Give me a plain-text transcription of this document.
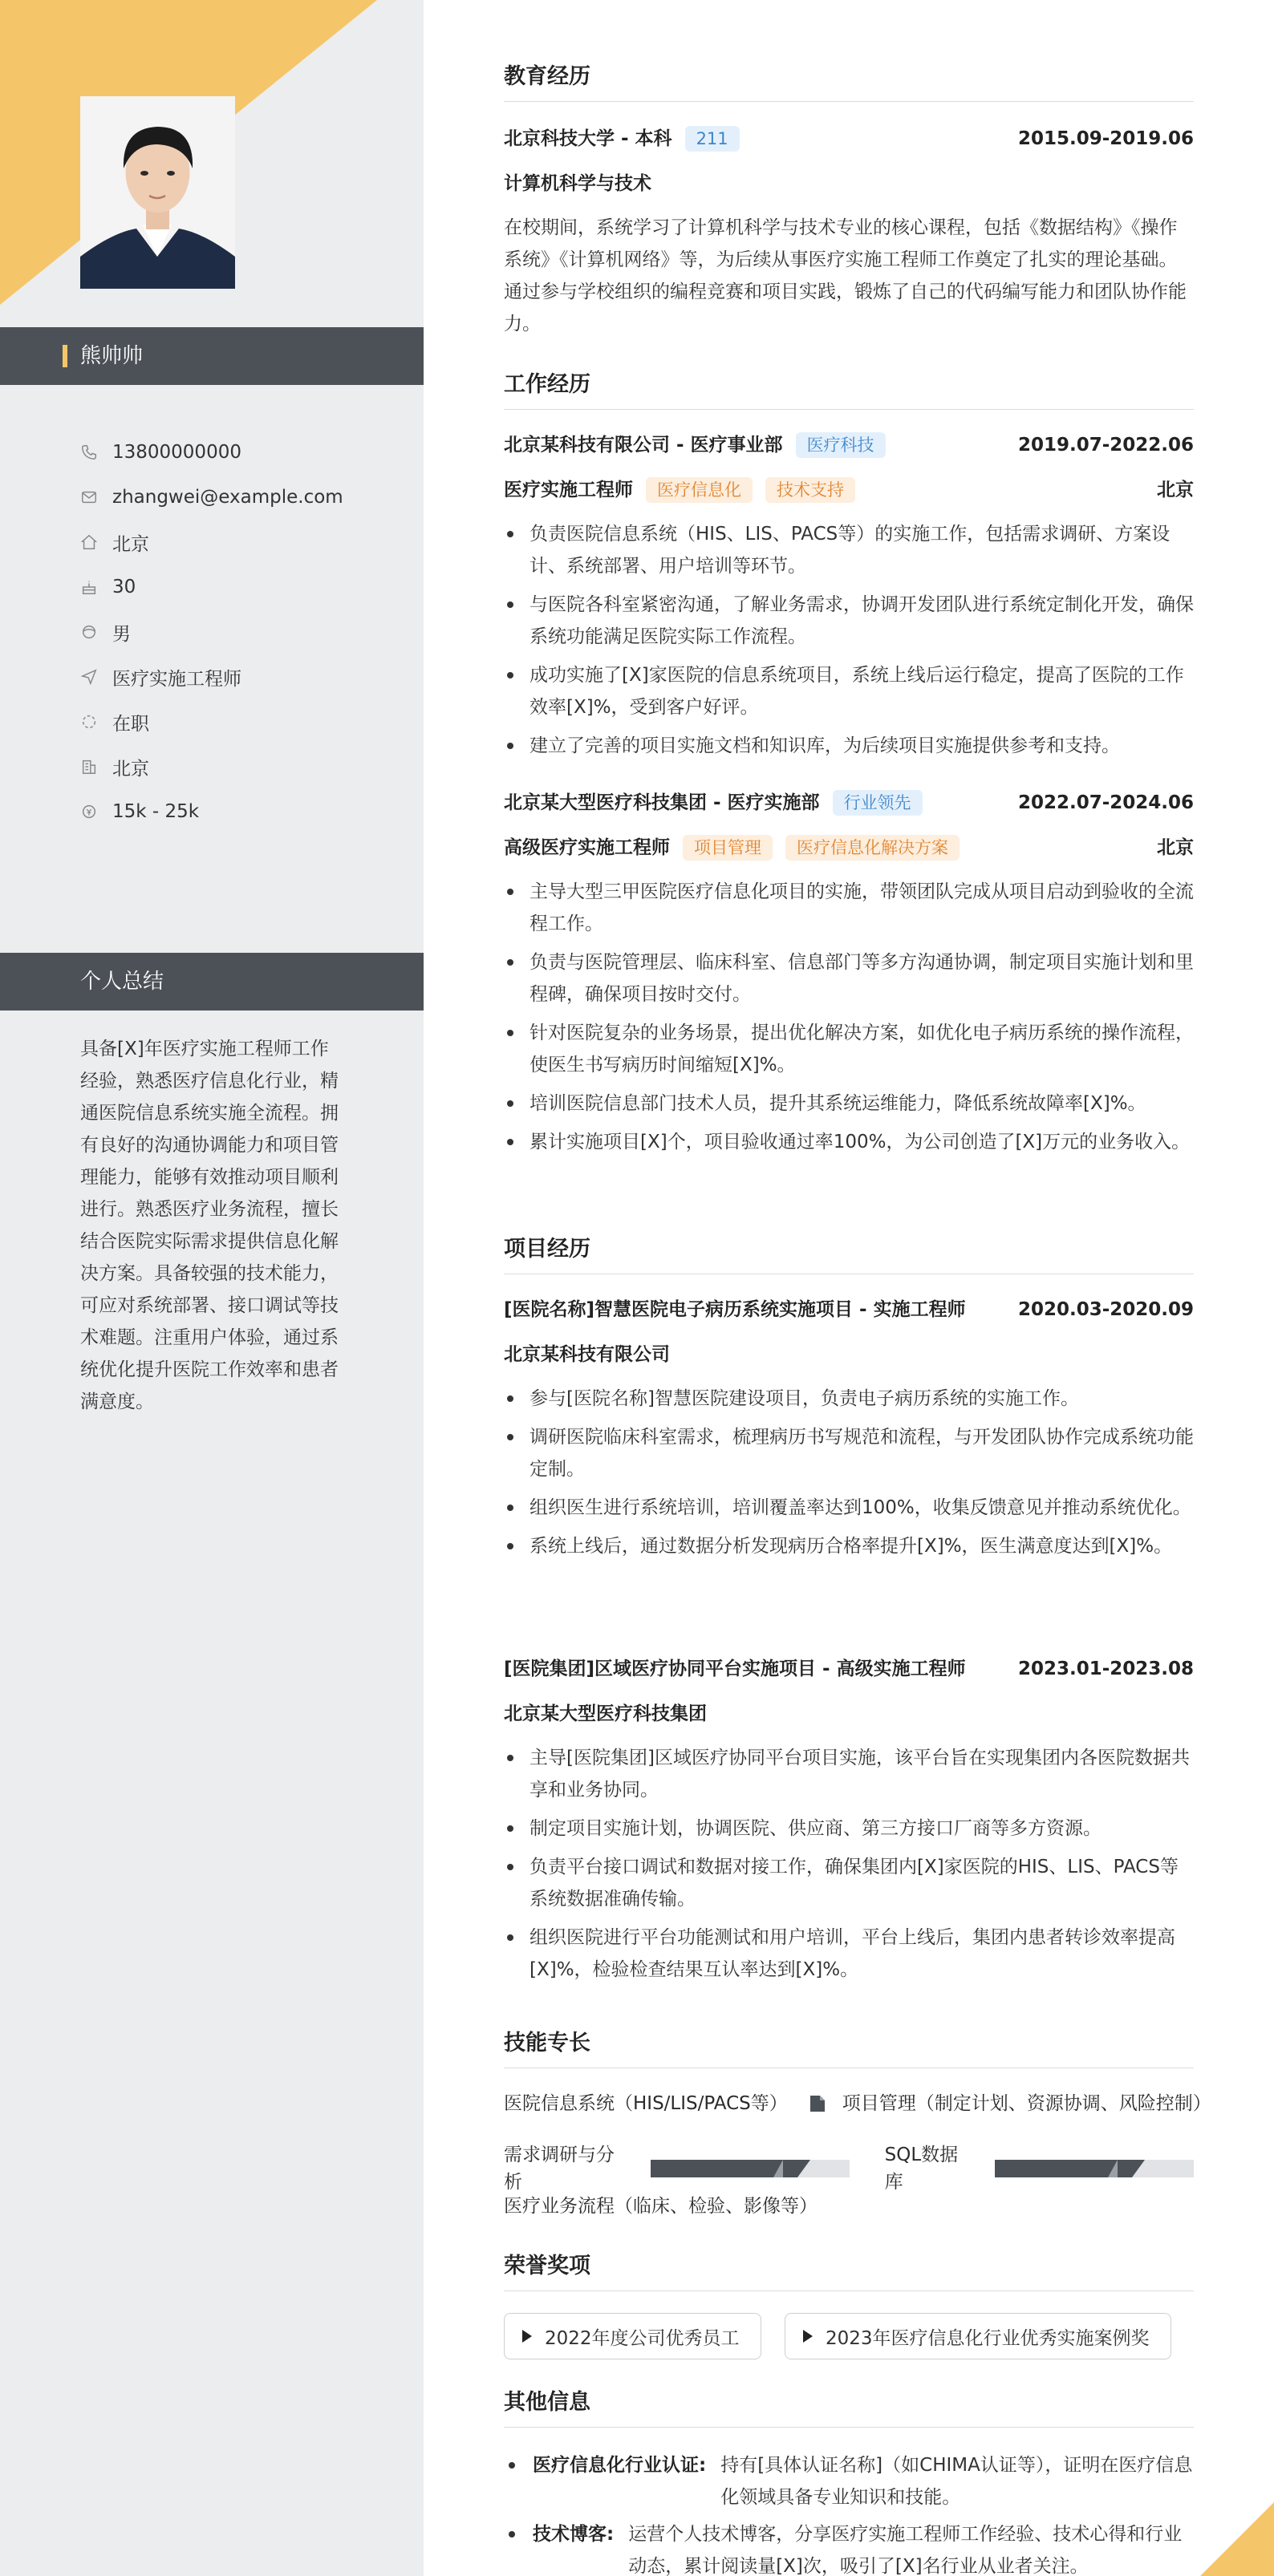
熊帅帅
13800000000
zhangwei@example.com
北京
30
男
医疗实施工程师
在职
北京
15k - 25k
个人总结
具备[X]年医疗实施工程师工作经验，熟悉医疗信息化行业，精通医院信息系统实施全流程。拥有良好的沟通协调能力和项目管理能力，能够有效推动项目顺利进行。熟悉医疗业务流程，擅长结合医院实际需求提供信息化解决方案。具备较强的技术能力，可应对系统部署、接口调试等技术难题。注重用户体验，通过系统优化提升医院工作效率和患者满意度。
教育经历
北京科技大学 - 本科	211	2015.09-2019.06
计算机科学与技术
在校期间，系统学习了计算机科学与技术专业的核心课程，包括《数据结构》《操作系统》《计算机网络》等，为后续从事医疗实施工程师工作奠定了扎实的理论基础。通过参与学校组织的编程竞赛和项目实践，锻炼了自己的代码编写能力和团队协作能力。
工作经历
北京某科技有限公司 - 医疗事业部	医疗科技	2019.07-2022.06
医疗实施工程师	医疗信息化	技术支持	北京
负责医院信息系统（HIS、LIS、PACS等）的实施工作，包括需求调研、方案设计、系统部署、用户培训等环节。
与医院各科室紧密沟通，了解业务需求，协调开发团队进行系统定制化开发，确保系统功能满足医院实际工作流程。
成功实施了[X]家医院的信息系统项目，系统上线后运行稳定，提高了医院的工作效率[X]%，受到客户好评。
建立了完善的项目实施文档和知识库，为后续项目实施提供参考和支持。
北京某大型医疗科技集团 - 医疗实施部	行业领先	2022.07-2024.06
高级医疗实施工程师	项目管理	医疗信息化解决方案	北京
主导大型三甲医院医疗信息化项目的实施，带领团队完成从项目启动到验收的全流程工作。
负责与医院管理层、临床科室、信息部门等多方沟通协调，制定项目实施计划和里程碑，确保项目按时交付。
针对医院复杂的业务场景，提出优化解决方案，如优化电子病历系统的操作流程，使医生书写病历时间缩短[X]%。
培训医院信息部门技术人员，提升其系统运维能力，降低系统故障率[X]%。
累计实施项目[X]个，项目验收通过率100%，为公司创造了[X]万元的业务收入。
项目经历
[医院名称]智慧医院电子病历系统实施项目 - 实施工程师	2020.03-2020.09
北京某科技有限公司
参与[医院名称]智慧医院建设项目，负责电子病历系统的实施工作。
调研医院临床科室需求，梳理病历书写规范和流程，与开发团队协作完成系统功能定制。
组织医生进行系统培训，培训覆盖率达到100%，收集反馈意见并推动系统优化。
系统上线后，通过数据分析发现病历合格率提升[X]%，医生满意度达到[X]%。
[医院集团]区域医疗协同平台实施项目 - 高级实施工程师	2023.01-2023.08
北京某大型医疗科技集团
主导[医院集团]区域医疗协同平台项目实施，该平台旨在实现集团内各医院数据共享和业务协同。
制定项目实施计划，协调医院、供应商、第三方接口厂商等多方资源。
负责平台接口调试和数据对接工作，确保集团内[X]家医院的HIS、LIS、PACS等系统数据准确传输。
组织医院进行平台功能测试和用户培训，平台上线后，集团内患者转诊效率提高[X]%，检验检查结果互认率达到[X]%。
技能专长
医院信息系统（HIS/LIS/PACS等）	项目管理（制定计划、资源协调、风险控制）
需求调研与分析
SQL数据库
医疗业务流程（临床、检验、影像等）
荣誉奖项
2022年度公司优秀员工	2023年医疗信息化行业优秀实施案例奖
其他信息
医疗信息化行业认证: 持有[具体认证名称]（如CHIMA认证等），证明在医疗信息化领域具备专业知识和技能。
技术博客: 运营个人技术博客，分享医疗实施工程师工作经验、技术心得和行业动态，累计阅读量[X]次，吸引了[X]名行业从业者关注。
